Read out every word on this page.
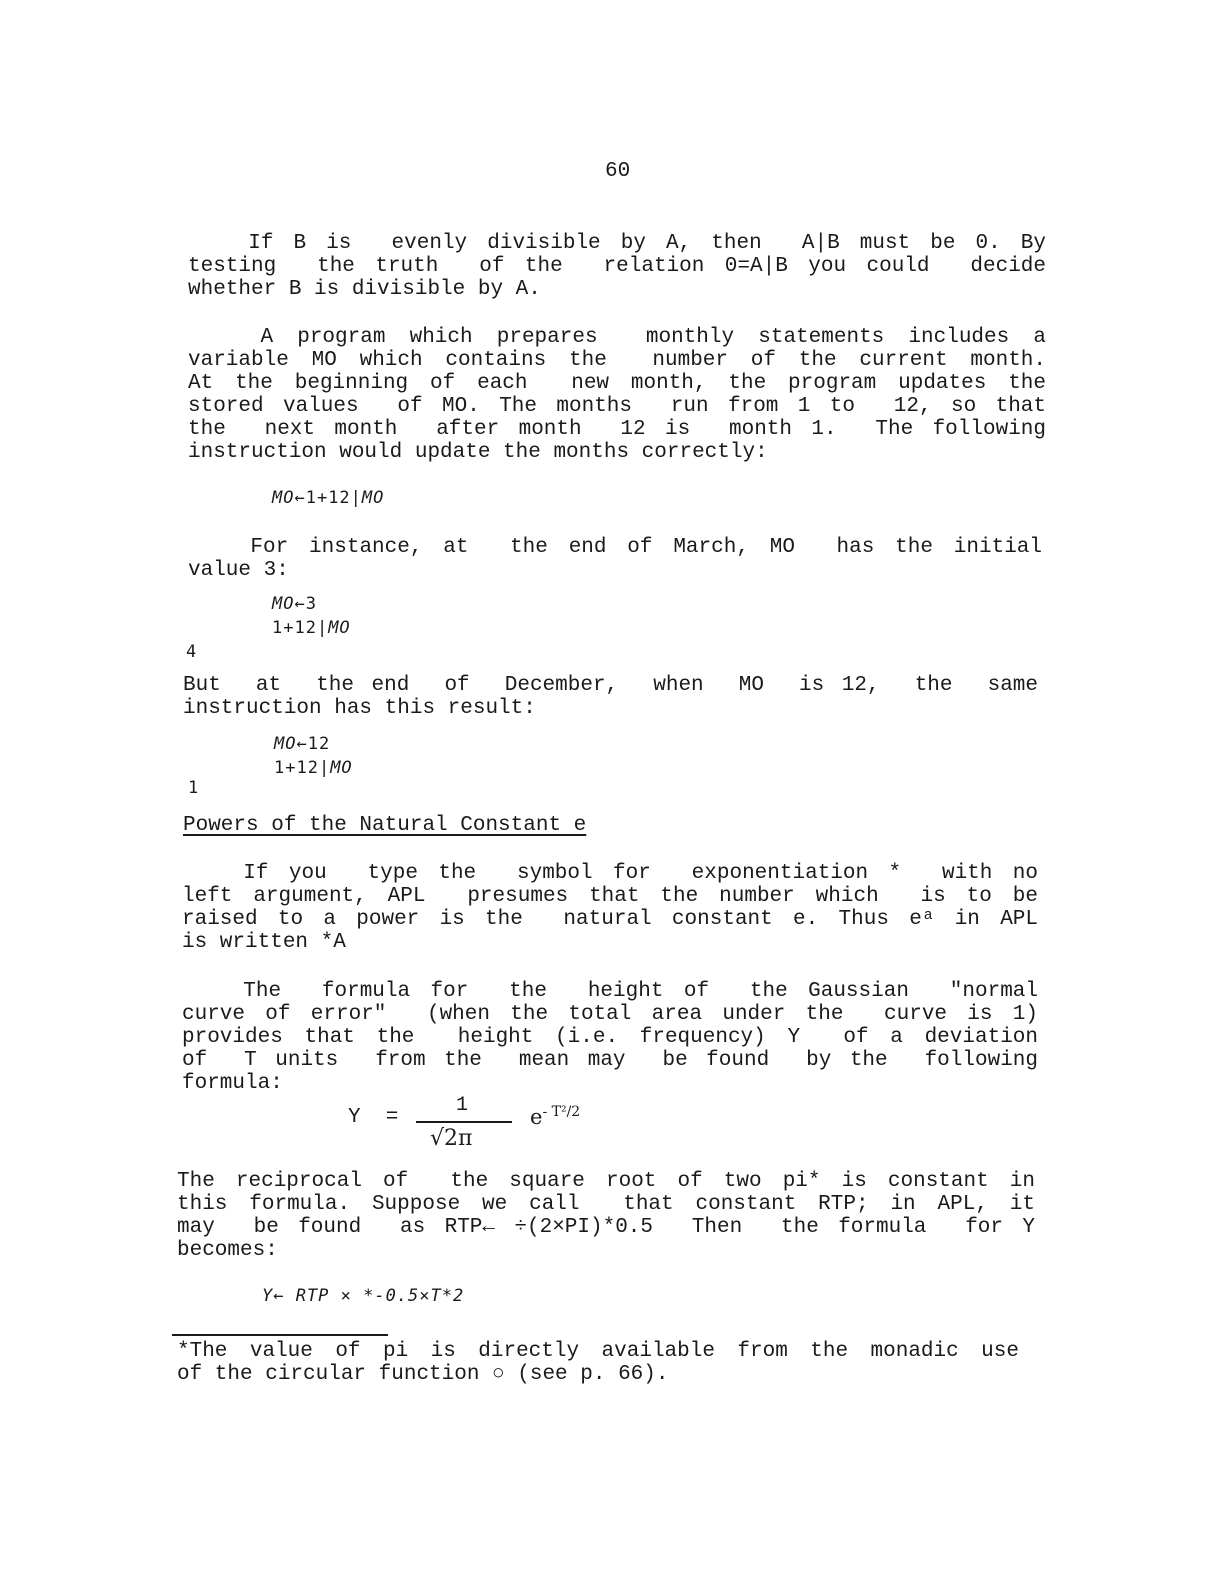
60
If B is  evenly divisible by A, then  A|B must be 0. By
testing  the truth  of the  relation 0=A|B you could  decide
whether B is divisible by A.
A program which prepares  monthly statements includes a
variable MO which contains the  number of the current month.
At the beginning of each  new month, the program updates the
stored values  of MO. The months  run from 1 to  12, so that
the  next month  after month  12 is  month 1.  The following
instruction would update the months correctly:
MO←1+12|MO
For instance, at  the end of March, MO  has the initial
value 3:
MO←3
1+12|MO
4
But  at  the end  of  December,  when  MO  is 12,  the  same
instruction has this result:
MO←12
1+12|MO
1
Powers of the Natural Constant e
If you  type the  symbol for  exponentiation *  with no
left argument, APL  presumes that the number which  is to be
raised to a power is the  natural constant e. Thus eᵃ in APL
is written *A
The  formula for  the  height of  the Gaussian  "normal
curve of error"  (when the total area under the  curve is 1)
provides that the  height (i.e. frequency) Y  of a deviation
of  T units  from the  mean may  be found  by the  following
formula:
Y  =
1
√2π
$e^{- T^2/2}$
The reciprocal of  the square root of two pi* is constant in
this formula. Suppose we call  that constant RTP; in APL, it
may  be found  as RTP← ÷(2×PI)*0.5  Then  the formula  for Y
becomes:
Y← RTP × *-0.5×T*2
*The value of pi is directly available from the monadic use
of the circular function ○ (see p. 66).
